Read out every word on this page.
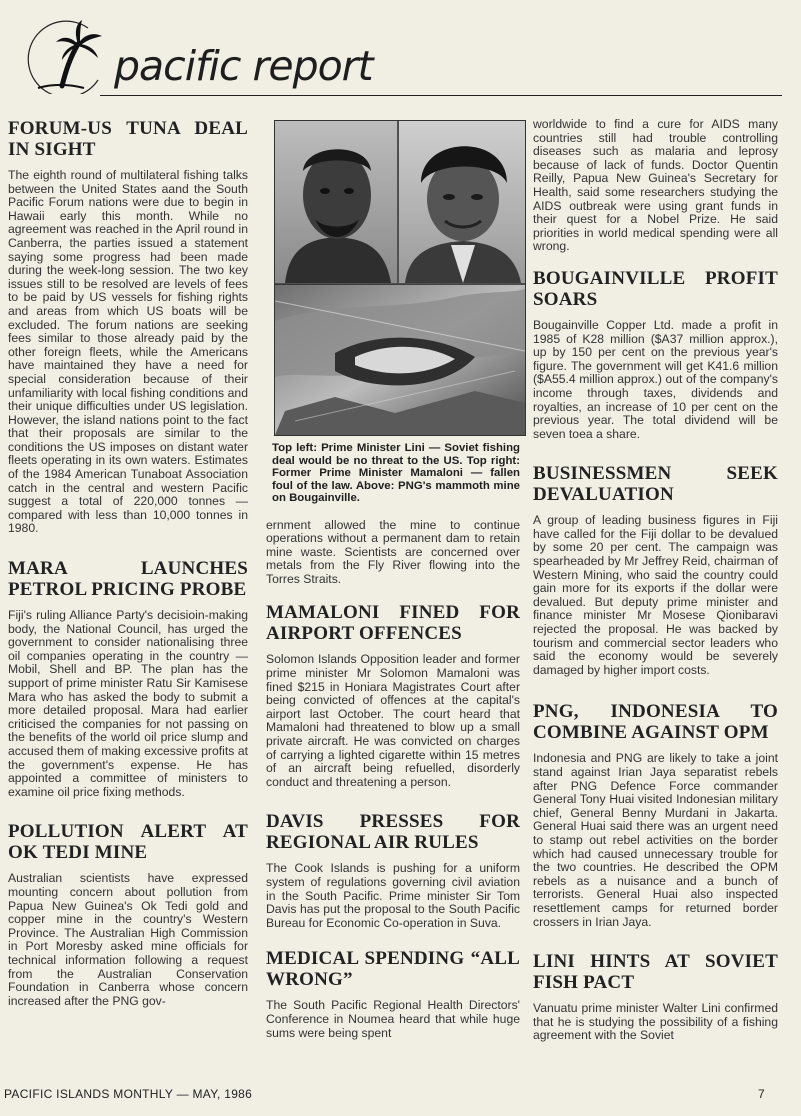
pacific report
FORUM-US TUNA DEAL IN SIGHT

The eighth round of multilateral fishing talks between the United States aand the South Pacific Forum nations were due to begin in Hawaii early this month. While no agreement was reached in the April round in Canberra, the parties issued a statement saying some progress had been made during the week-long session. The two key issues still to be resolved are levels of fees to be paid by US vessels for fishing rights and areas from which US boats will be excluded. The forum nations are seeking fees similar to those already paid by the other foreign fleets, while the Americans have maintained they have a need for special consideration because of their unfamiliarity with local fishing conditions and their unique difficulties under US legislation. However, the island nations point to the fact that their proposals are similar to the conditions the US imposes on distant water fleets operating in its own waters. Estimates of the 1984 American Tunaboat Association catch in the central and western Pacific suggest a total of 220,000 tonnes — compared with less than 10,000 tonnes in 1980.

MARA LAUNCHES PETROL PRICING PROBE

Fiji's ruling Alliance Party's decisioin-making body, the National Council, has urged the government to consider nationalising three oil companies operating in the country — Mobil, Shell and BP. The plan has the support of prime minister Ratu Sir Kamisese Mara who has asked the body to submit a more detailed proposal. Mara had earlier criticised the companies for not passing on the benefits of the world oil price slump and accused them of making excessive profits at the government's expense. He has appointed a committee of ministers to examine oil price fixing methods.

POLLUTION ALERT AT OK TEDI MINE

Australian scientists have expressed mounting concern about pollution from Papua New Guinea's Ok Tedi gold and copper mine in the country's Western Province. The Australian High Commission in Port Moresby asked mine officials for technical information following a request from the Australian Conservation Foundation in Canberra whose concern increased after the PNG gov-

Top left: Prime Minister Lini — Soviet fishing deal would be no threat to the US. Top right: Former Prime Minister Mamaloni — fallen foul of the law. Above: PNG's mammoth mine on Bougainville.

ernment allowed the mine to continue operations without a permanent dam to retain mine waste. Scientists are concerned over metals from the Fly River flowing into the Torres Straits.

MAMALONI FINED FOR AIRPORT OFFENCES

Solomon Islands Opposition leader and former prime minister Mr Solomon Mamaloni was fined $215 in Honiara Magistrates Court after being convicted of offences at the capital's airport last October. The court heard that Mamaloni had threatened to blow up a small private aircraft. He was convicted on charges of carrying a lighted cigarette within 15 metres of an aircraft being refuelled, disorderly conduct and threatening a person.

DAVIS PRESSES FOR REGIONAL AIR RULES

The Cook Islands is pushing for a uniform system of regulations governing civil aviation in the South Pacific. Prime minister Sir Tom Davis has put the proposal to the South Pacific Bureau for Economic Co-operation in Suva.

MEDICAL SPENDING “ALL WRONG”

The South Pacific Regional Health Directors' Conference in Noumea heard that while huge sums were being spent

worldwide to find a cure for AIDS many countries still had trouble controlling diseases such as malaria and leprosy because of lack of funds. Doctor Quentin Reilly, Papua New Guinea's Secretary for Health, said some researchers studying the AIDS outbreak were using grant funds in their quest for a Nobel Prize. He said priorities in world medical spending were all wrong.

BOUGAINVILLE PROFIT SOARS

Bougainville Copper Ltd. made a profit in 1985 of K28 million ($A37 million approx.), up by 150 per cent on the previous year's figure. The government will get K41.6 million ($A55.4 million approx.) out of the company's income through taxes, dividends and royalties, an increase of 10 per cent on the previous year. The total dividend will be seven toea a share.

BUSINESSMEN SEEK DEVALUATION

A group of leading business figures in Fiji have called for the Fiji dollar to be devalued by some 20 per cent. The campaign was spearheaded by Mr Jeffrey Reid, chairman of Western Mining, who said the country could gain more for its exports if the dollar were devalued. But deputy prime minister and finance minister Mr Mosese Qionibaravi rejected the proposal. He was backed by tourism and commercial sector leaders who said the economy would be severely damaged by higher import costs.

PNG, INDONESIA TO COMBINE AGAINST OPM

Indonesia and PNG are likely to take a joint stand against Irian Jaya separatist rebels after PNG Defence Force commander General Tony Huai visited Indonesian military chief, General Benny Murdani in Jakarta. General Huai said there was an urgent need to stamp out rebel activities on the border which had caused unnecessary trouble for the two countries. He described the OPM rebels as a nuisance and a bunch of terrorists. General Huai also inspected resettlement camps for returned border crossers in Irian Jaya.

LINI HINTS AT SOVIET FISH PACT

Vanuatu prime minister Walter Lini confirmed that he is studying the possibility of a fishing agreement with the Soviet

PACIFIC ISLANDS MONTHLY — MAY, 1986	7
